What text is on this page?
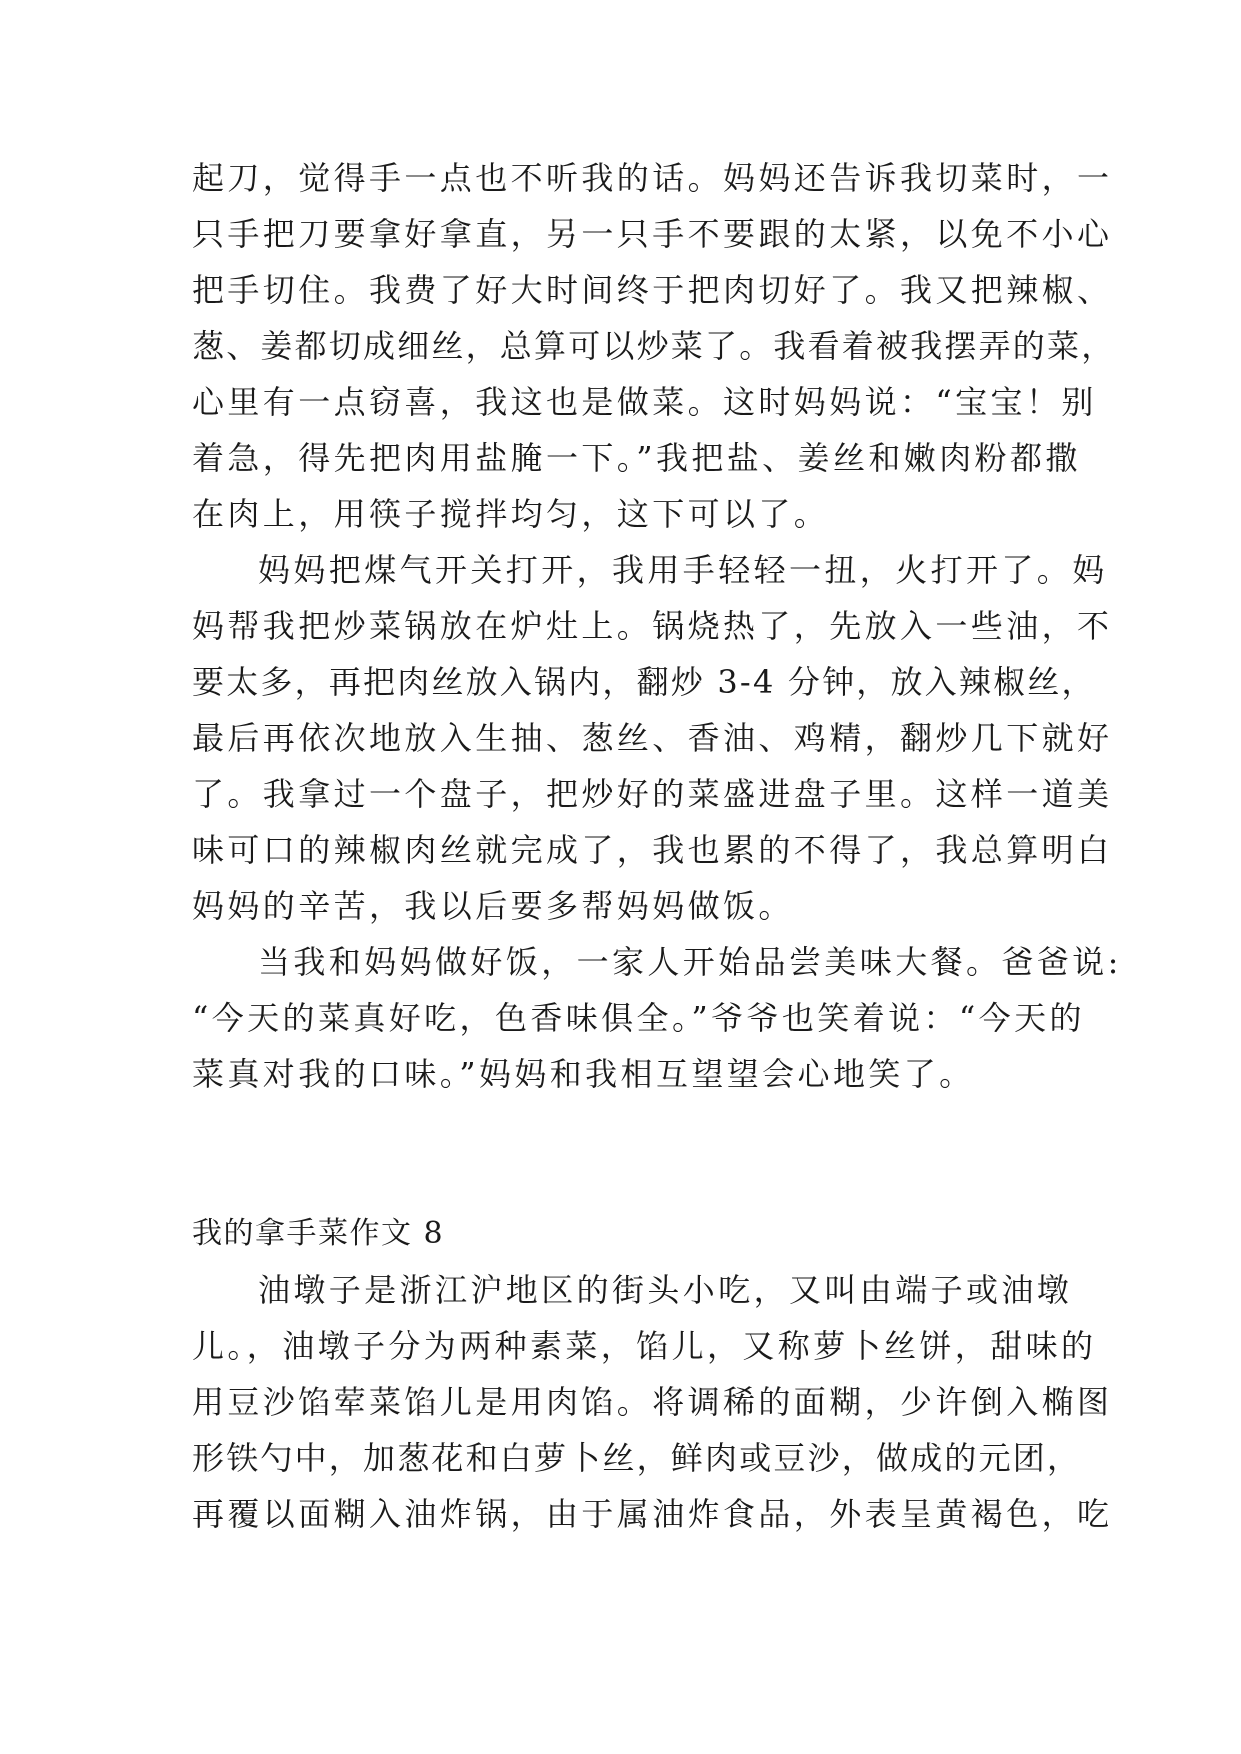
起刀，觉得手一点也不听我的话。妈妈还告诉我切菜时，一
只手把刀要拿好拿直，另一只手不要跟的太紧，以免不小心
把手切住。我费了好大时间终于把肉切好了。我又把辣椒、
葱、姜都切成细丝，总算可以炒菜了。我看着被我摆弄的菜，
心里有一点窃喜，我这也是做菜。这时妈妈说：“宝宝！别
着急，得先把肉用盐腌一下。”我把盐、姜丝和嫩肉粉都撒
在肉上，用筷子搅拌均匀，这下可以了。
妈妈把煤气开关打开，我用手轻轻一扭，火打开了。妈
妈帮我把炒菜锅放在炉灶上。锅烧热了，先放入一些油，不
要太多，再把肉丝放入锅内，翻炒 3-4 分钟，放入辣椒丝，
最后再依次地放入生抽、葱丝、香油、鸡精，翻炒几下就好
了。我拿过一个盘子，把炒好的菜盛进盘子里。这样一道美
味可口的辣椒肉丝就完成了，我也累的不得了，我总算明白
妈妈的辛苦，我以后要多帮妈妈做饭。
当我和妈妈做好饭，一家人开始品尝美味大餐。爸爸说:
“今天的菜真好吃，色香味俱全。”爷爷也笑着说：“今天的
菜真对我的口味。”妈妈和我相互望望会心地笑了。
我的拿手菜作文 8
油墩子是浙江沪地区的街头小吃，又叫由端子或油墩
儿。，油墩子分为两种素菜，馅儿，又称萝卜丝饼，甜味的
用豆沙馅荤菜馅儿是用肉馅。将调稀的面糊，少许倒入椭图
形铁勺中，加葱花和白萝卜丝，鲜肉或豆沙，做成的元团，
再覆以面糊入油炸锅，由于属油炸食品，外表呈黄褐色，吃
